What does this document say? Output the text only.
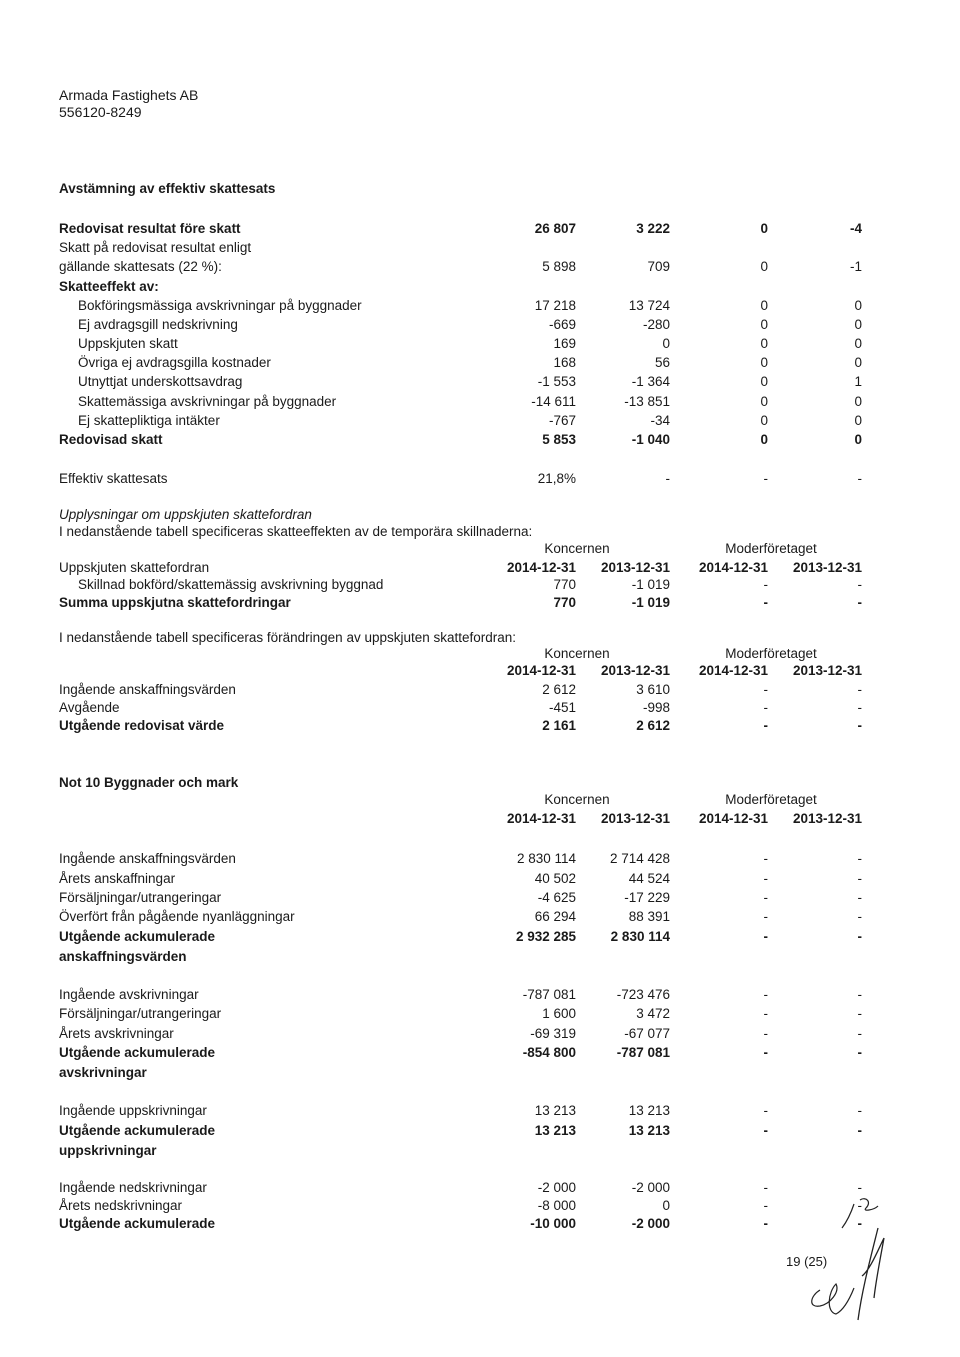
Armada Fastighets AB
556120-8249
Avstämning av effektiv skattesats
Redovisat resultat före skatt	26 807	3 222	0	-4
Skatt på redovisat resultat enligt
gällande skattesats (22 %):	5 898	709	0	-1
Skatteeffekt av:
Bokföringsmässiga avskrivningar på byggnader	17 218	13 724	0	0
Ej avdragsgill nedskrivning	-669	-280	0	0
Uppskjuten skatt	169	0	0	0
Övriga ej avdragsgilla kostnader	168	56	0	0
Utnyttjat underskottsavdrag	-1 553	-1 364	0	1
Skattemässiga avskrivningar på byggnader	-14 611	-13 851	0	0
Ej skattepliktiga intäkter	-767	-34	0	0
Redovisad skatt	5 853	-1 040	0	0
Effektiv skattesats	21,8%	-	-	-
Upplysningar om uppskjuten skattefordran
I nedanstående tabell specificeras skatteeffekten av de temporära skillnaderna:
Koncernen	Moderföretaget
2014-12-31	2013-12-31	2014-12-31	2013-12-31
Uppskjuten skattefordran
Skillnad bokförd/skattemässig avskrivning byggnad	770	-1 019	-	-
Summa uppskjutna skattefordringar	770	-1 019	-	-
I nedanstående tabell specificeras förändringen av uppskjuten skattefordran:
Koncernen	Moderföretaget
2014-12-31	2013-12-31	2014-12-31	2013-12-31
Ingående anskaffningsvärden	2 612	3 610	-	-
Avgående	-451	-998	-	-
Utgående redovisat värde	2 161	2 612	-	-
Not 10 Byggnader och mark
Koncernen	Moderföretaget
2014-12-31	2013-12-31	2014-12-31	2013-12-31
Ingående anskaffningsvärden	2 830 114	2 714 428	-	-
Årets anskaffningar	40 502	44 524	-	-
Försäljningar/utrangeringar	-4 625	-17 229	-	-
Överfört från pågående nyanläggningar	66 294	88 391	-	-
Utgående ackumulerade	2 932 285	2 830 114	-	-
anskaffningsvärden
Ingående avskrivningar	-787 081	-723 476	-	-
Försäljningar/utrangeringar	1 600	3 472	-	-
Årets avskrivningar	-69 319	-67 077	-	-
Utgående ackumulerade	-854 800	-787 081	-	-
avskrivningar
Ingående uppskrivningar	13 213	13 213	-	-
Utgående ackumulerade	13 213	13 213	-	-
uppskrivningar
Ingående nedskrivningar	-2 000	-2 000	-	-
Årets nedskrivningar	-8 000	0	-	-
Utgående ackumulerade	-10 000	-2 000	-	-
19 (25)
